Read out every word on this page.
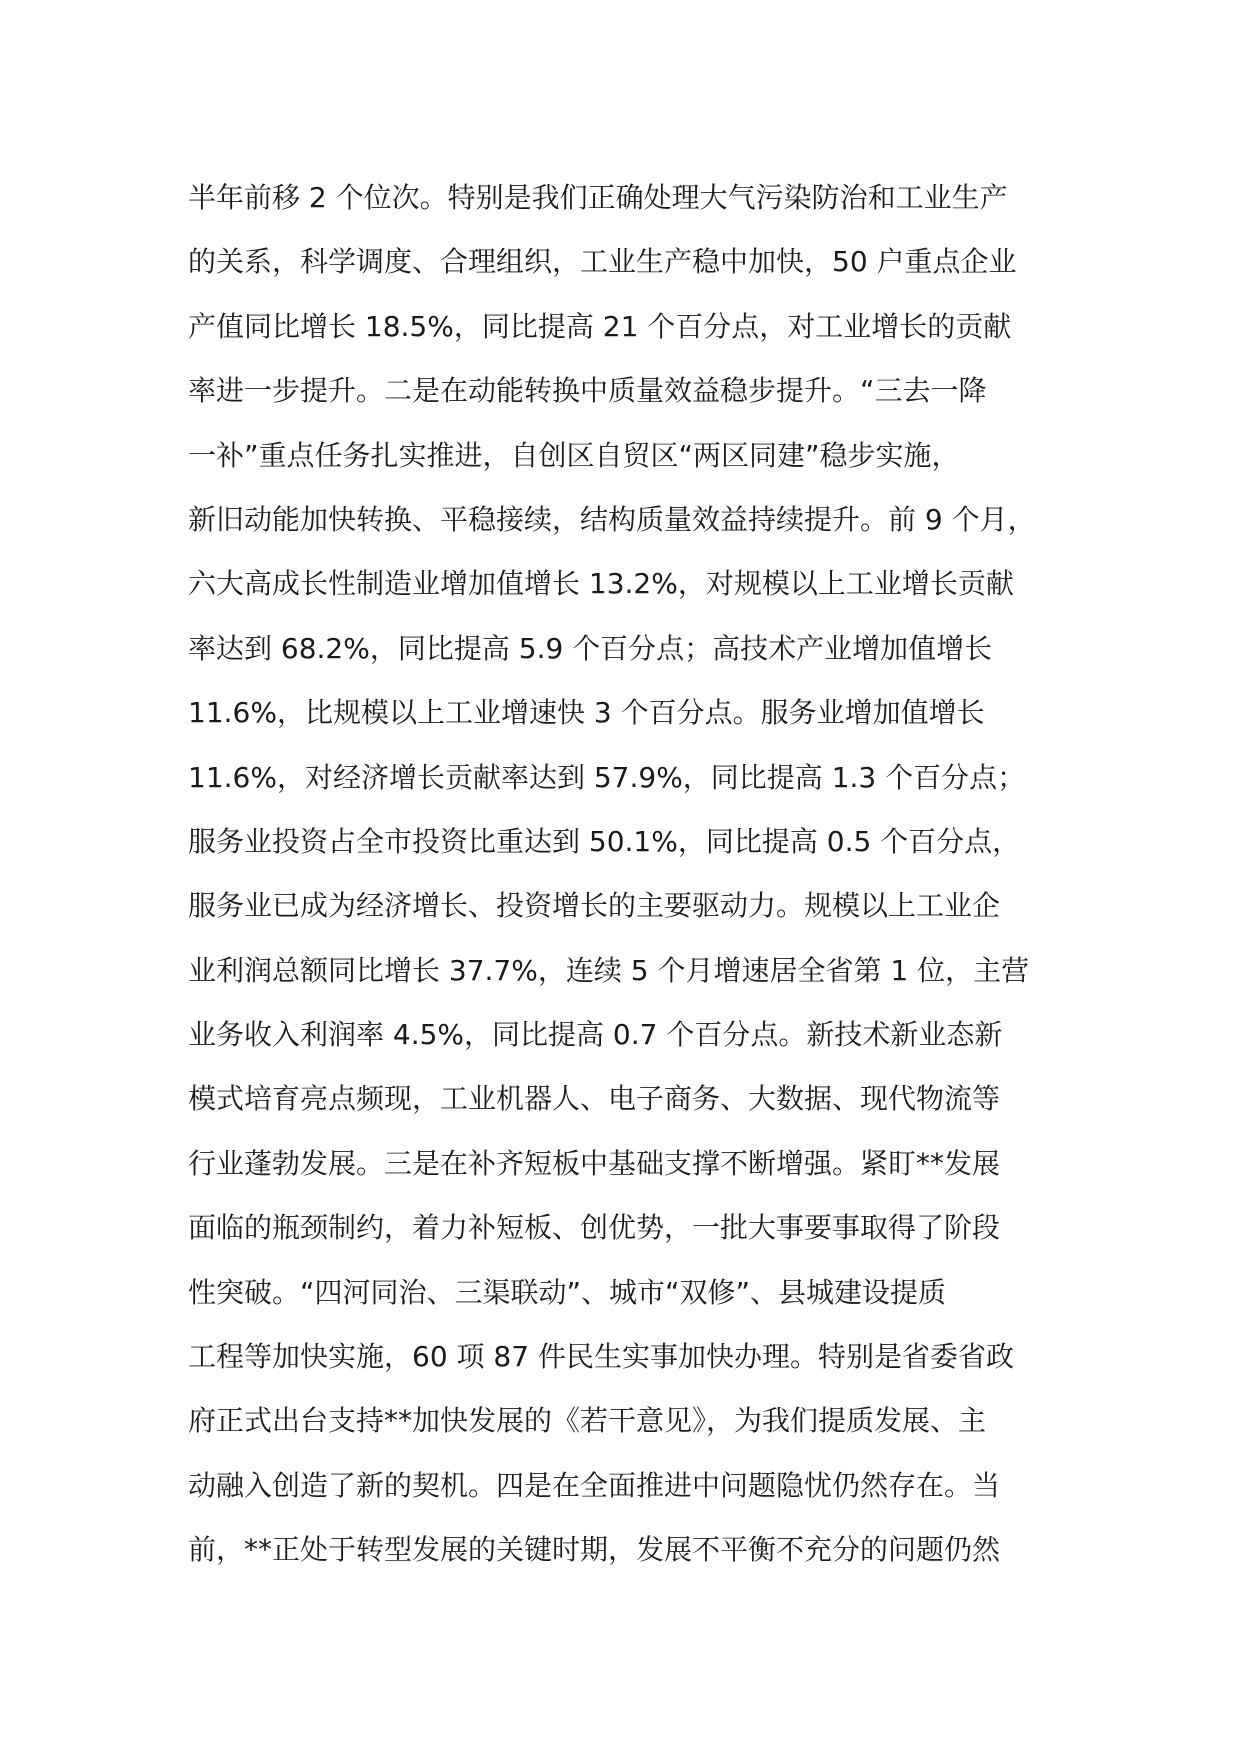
半年前移 2 个位次。特别是我们正确处理大气污染防治和工业生产
的关系，科学调度、合理组织，工业生产稳中加快，50 户重点企业
产值同比增长 18.5%，同比提高 21 个百分点，对工业增长的贡献
率进一步提升。二是在动能转换中质量效益稳步提升。“三去一降
一补”重点任务扎实推进，自创区自贸区“两区同建”稳步实施，
新旧动能加快转换、平稳接续，结构质量效益持续提升。前 9 个月，
六大高成长性制造业增加值增长 13.2%，对规模以上工业增长贡献
率达到 68.2%，同比提高 5.9 个百分点；高技术产业增加值增长
11.6%，比规模以上工业增速快 3 个百分点。服务业增加值增长
11.6%，对经济增长贡献率达到 57.9%，同比提高 1.3 个百分点；
服务业投资占全市投资比重达到 50.1%，同比提高 0.5 个百分点，
服务业已成为经济增长、投资增长的主要驱动力。规模以上工业企
业利润总额同比增长 37.7%，连续 5 个月增速居全省第 1 位，主营
业务收入利润率 4.5%，同比提高 0.7 个百分点。新技术新业态新
模式培育亮点频现，工业机器人、电子商务、大数据、现代物流等
行业蓬勃发展。三是在补齐短板中基础支撑不断增强。紧盯**发展
面临的瓶颈制约，着力补短板、创优势，一批大事要事取得了阶段
性突破。“四河同治、三渠联动”、城市“双修”、县城建设提质
工程等加快实施，60 项 87 件民生实事加快办理。特别是省委省政
府正式出台支持**加快发展的《若干意见》，为我们提质发展、主
动融入创造了新的契机。四是在全面推进中问题隐忧仍然存在。当
前，**正处于转型发展的关键时期，发展不平衡不充分的问题仍然
